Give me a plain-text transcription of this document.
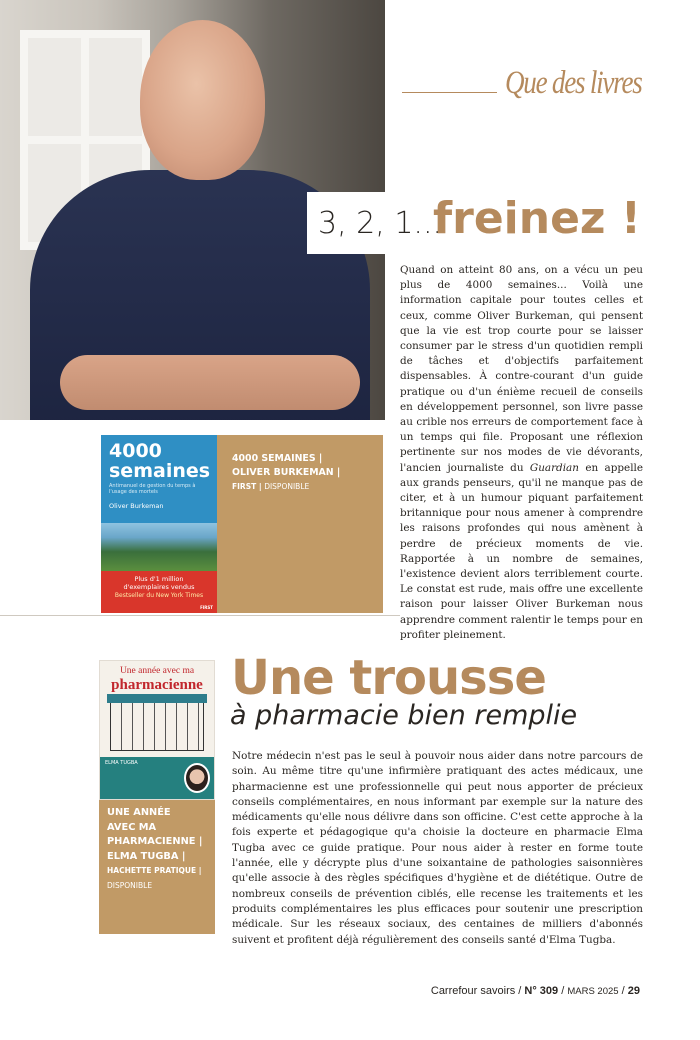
Que des livres
3, 2, 1...
freinez !
Quand on atteint 80 ans, on a vécu un peu plus de 4000 semaines... Voilà une information capitale pour toutes celles et ceux, comme Oliver Burkeman, qui pensent que la vie est trop courte pour se laisser consumer par le stress d'un quotidien rempli de tâches et d'objectifs parfaitement dispensables. À contre-courant d'un guide pratique ou d'un énième recueil de conseils en développement personnel, son livre passe au crible nos erreurs de comportement face à un temps qui file. Proposant une réflexion pertinente sur nos modes de vie dévorants, l'ancien journaliste du Guardian en appelle aux grands penseurs, qu'il ne manque pas de citer, et à un humour piquant parfaitement britannique pour nous amener à comprendre les raisons profondes qui nous amènent à perdre de précieux moments de vie. Rapportée à un nombre de semaines, l'existence devient alors terriblement courte. Le constat est rude, mais offre une excellente raison pour laisser Oliver Burkeman nous apprendre comment ralentir le temps pour en profiter pleinement.
4000
semaines
Antimanuel de gestion du temps à l'usage des mortels
Oliver Burkeman
Plus d'1 million
d'exemplaires vendus
Bestseller du New York Times
FIRST
4000 SEMAINES |
OLIVER BURKEMAN |
FIRST | DISPONIBLE
Une année avec ma
pharmacienne
ELMA TUGBA
UNE ANNÉE
AVEC MA
PHARMACIENNE |
ELMA TUGBA |
HACHETTE PRATIQUE |
DISPONIBLE
Une trousse
à pharmacie bien remplie
Notre médecin n'est pas le seul à pouvoir nous aider dans notre parcours de soin. Au même titre qu'une infirmière pratiquant des actes médicaux, une pharmacienne est une professionnelle qui peut nous apporter de précieux conseils complémentaires, en nous informant par exemple sur la nature des médicaments qu'elle nous délivre dans son officine. C'est cette approche à la fois experte et pédagogique qu'a choisie la docteure en pharmacie Elma Tugba avec ce guide pratique. Pour nous aider à rester en forme toute l'année, elle y décrypte plus d'une soixantaine de pathologies saisonnières qu'elle associe à des règles spécifiques d'hygiène et de diététique. Outre de nombreux conseils de prévention ciblés, elle recense les traitements et les produits complémentaires les plus efficaces pour soutenir une prescription médicale. Sur les réseaux sociaux, des centaines de milliers d'abonnés suivent et profitent déjà régulièrement des conseils santé d'Elma Tugba.
Carrefour savoirs / N° 309 / MARS 2025 / 29
